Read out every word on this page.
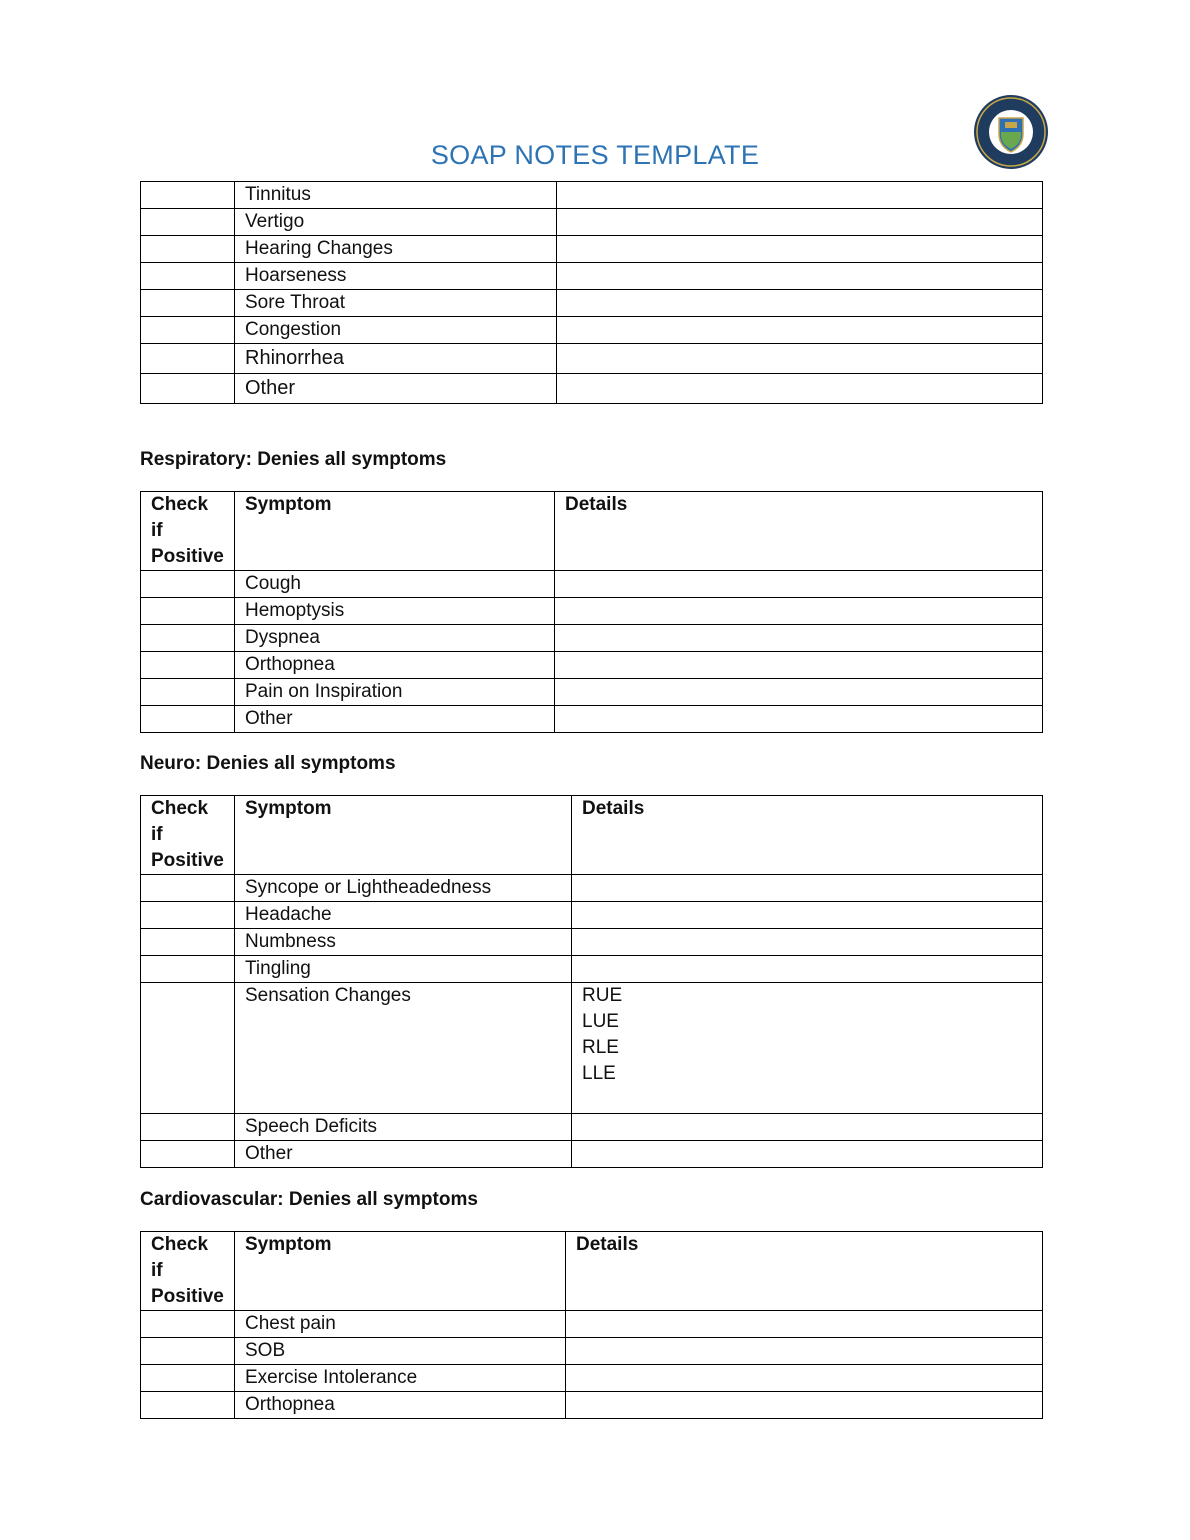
SOAP NOTES TEMPLATE
	Tinnitus	
	Vertigo	
	Hearing Changes	
	Hoarseness	
	Sore Throat	
	Congestion	
	Rhinorrhea	
	Other	
Respiratory: Denies all symptoms
Check if
Positive	Symptom	Details
	Cough	
	Hemoptysis	
	Dyspnea	
	Orthopnea	
	Pain on Inspiration	
	Other	
Neuro: Denies all symptoms
Check if
Positive	Symptom	Details
	Syncope or Lightheadedness	
	Headache	
	Numbness	
	Tingling	
	Sensation Changes	RUE
LUE
RLE
LLE

	Speech Deficits	
	Other	
Cardiovascular: Denies all symptoms
Check if
Positive	Symptom	Details
	Chest pain	
	SOB	
	Exercise Intolerance	
	Orthopnea	
